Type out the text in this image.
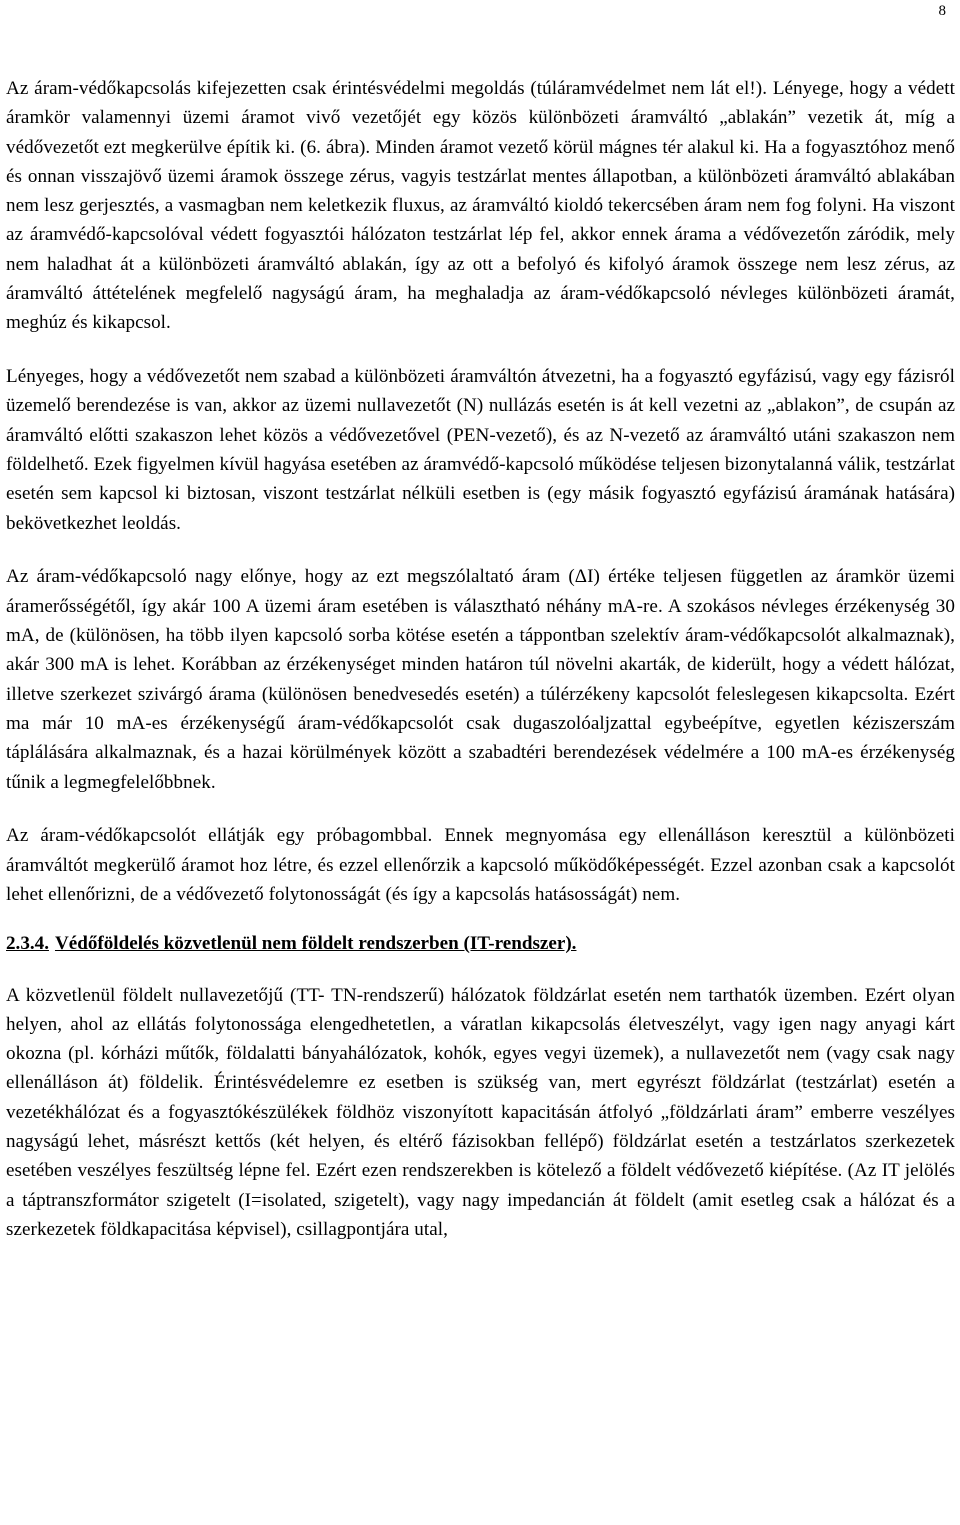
8

Az áram-védőkapcsolás kifejezetten csak érintésvédelmi megoldás (túláramvédelmet nem lát el!). Lényege, hogy a védett áramkör valamennyi üzemi áramot vivő vezetőjét egy közös különbözeti áramváltó „ablakán” vezetik át, míg a védővezetőt ezt megkerülve építik ki. (6. ábra). Minden áramot vezető körül mágnes tér alakul ki. Ha a fogyasztóhoz menő és onnan visszajövő üzemi áramok összege zérus, vagyis testzárlat mentes állapotban, a különbözeti áramváltó ablakában nem lesz gerjesztés, a vasmagban nem keletkezik fluxus, az áramváltó kioldó tekercsében áram nem fog folyni. Ha viszont az áramvédő-kapcsolóval védett fogyasztói hálózaton testzárlat lép fel, akkor ennek árama a védővezetőn záródik, mely nem haladhat át a különbözeti áramváltó ablakán, így az ott a befolyó és kifolyó áramok összege nem lesz zérus, az áramváltó áttételének megfelelő nagyságú áram, ha meghaladja az áram-védőkapcsoló névleges különbözeti áramát, meghúz és kikapcsol.

Lényeges, hogy a védővezetőt nem szabad a különbözeti áramváltón átvezetni, ha a fogyasztó egyfázisú, vagy egy fázisról üzemelő berendezése is van, akkor az üzemi nullavezetőt (N) nullázás esetén is át kell vezetni az „ablakon”, de csupán az áramváltó előtti szakaszon lehet közös a védővezetővel (PEN-vezető), és az N-vezető az áramváltó utáni szakaszon nem földelhető. Ezek figyelmen kívül hagyása esetében az áramvédő-kapcsoló működése teljesen bizonytalanná válik, testzárlat esetén sem kapcsol ki biztosan, viszont testzárlat nélküli esetben is (egy másik fogyasztó egyfázisú áramának hatására) bekövetkezhet leoldás.

Az áram-védőkapcsoló nagy előnye, hogy az ezt megszólaltató áram (ΔI) értéke teljesen független az áramkör üzemi áramerősségétől, így akár 100 A üzemi áram esetében is választható néhány mA-re. A szokásos névleges érzékenység 30 mA, de (különösen, ha több ilyen kapcsoló sorba kötése esetén a táppontban szelektív áram-védőkapcsolót alkalmaznak), akár 300 mA is lehet. Korábban az érzékenységet minden határon túl növelni akarták, de kiderült, hogy a védett hálózat, illetve szerkezet szivárgó árama (különösen benedvesedés esetén) a túlérzékeny kapcsolót feleslegesen kikapcsolta. Ezért ma már 10 mA-es érzékenységű áram-védőkapcsolót csak dugaszolóaljzattal egybeépítve, egyetlen kéziszerszám táplálására alkalmaznak, és a hazai körülmények között a szabadtéri berendezések védelmére a 100 mA-es érzékenység tűnik a legmegfelelőbbnek.

Az áram-védőkapcsolót ellátják egy próbagombbal. Ennek megnyomása egy ellenálláson keresztül a különbözeti áramváltót megkerülő áramot hoz létre, és ezzel ellenőrzik a kapcsoló működőképességét. Ezzel azonban csak a kapcsolót lehet ellenőrizni, de a védővezető folytonosságát (és így a kapcsolás hatásosságát) nem.

2.3.4. Védőföldelés közvetlenül nem földelt rendszerben (IT-rendszer).

A közvetlenül földelt nullavezetőjű (TT- TN-rendszerű) hálózatok földzárlat esetén nem tarthatók üzemben. Ezért olyan helyen, ahol az ellátás folytonossága elengedhetetlen, a váratlan kikapcsolás életveszélyt, vagy igen nagy anyagi kárt okozna (pl. kórházi műtők, földalatti bányahálózatok, kohók, egyes vegyi üzemek), a nullavezetőt nem (vagy csak nagy ellenálláson át) földelik. Érintésvédelemre ez esetben is szükség van, mert egyrészt földzárlat (testzárlat) esetén a vezetékhálózat és a fogyasztókészülékek földhöz viszonyított kapacitásán átfolyó „földzárlati áram” emberre veszélyes nagyságú lehet, másrészt kettős (két helyen, és eltérő fázisokban fellépő) földzárlat esetén a testzárlatos szerkezetek esetében veszélyes feszültség lépne fel. Ezért ezen rendszerekben is kötelező a földelt védővezető kiépítése. (Az IT jelölés a táptranszformátor szigetelt (I=isolated, szigetelt), vagy nagy impedancián át földelt (amit esetleg csak a hálózat és a szerkezetek földkapacitása képvisel), csillagpontjára utal,
